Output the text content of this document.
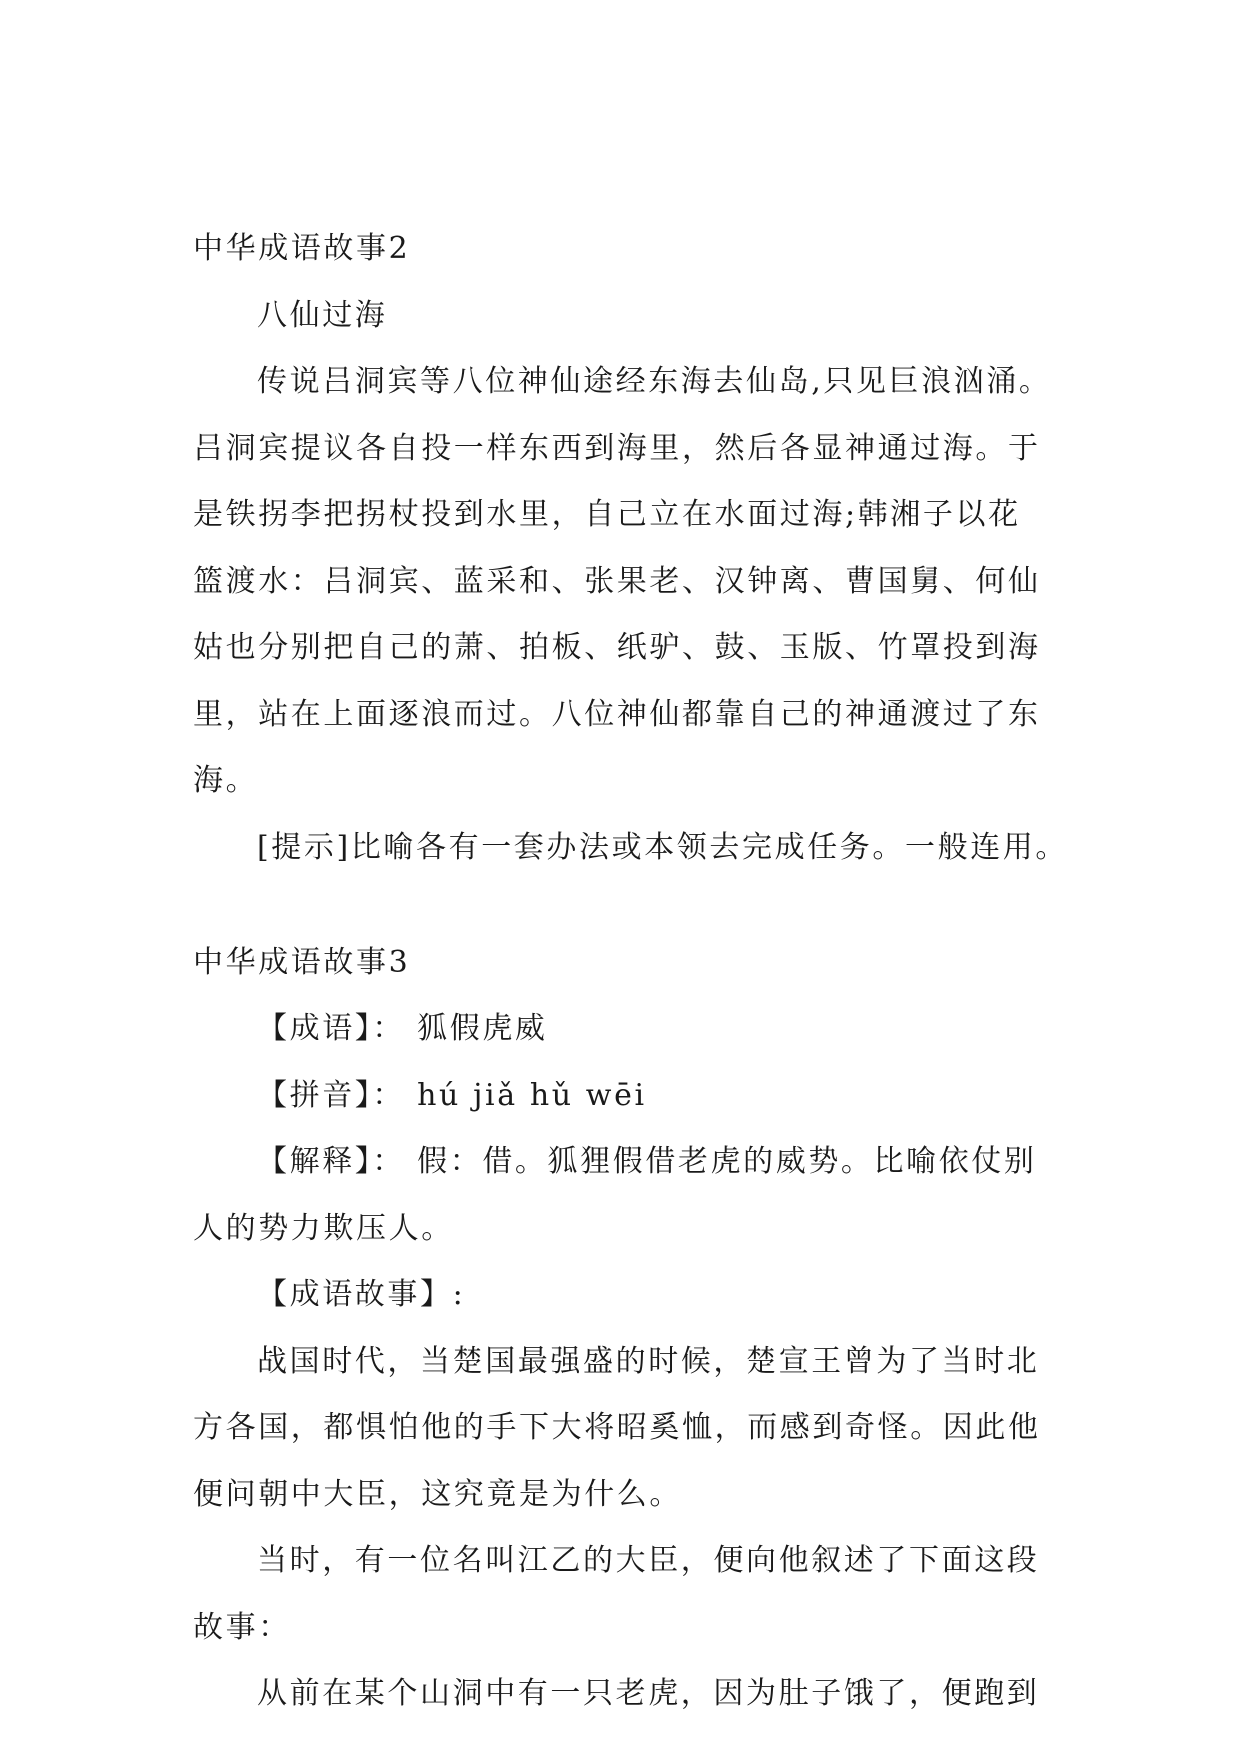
中华成语故事2
八仙过海
传说吕洞宾等八位神仙途经东海去仙岛,只见巨浪汹涌。
吕洞宾提议各自投一样东西到海里，然后各显神通过海。于
是铁拐李把拐杖投到水里，自己立在水面过海;韩湘子以花
篮渡水：吕洞宾、蓝采和、张果老、汉钟离、曹国舅、何仙
姑也分别把自己的萧、拍板、纸驴、鼓、玉版、竹罩投到海
里，站在上面逐浪而过。八位神仙都靠自己的神通渡过了东
海。
[提示]比喻各有一套办法或本领去完成任务。一般连用。
中华成语故事3
【成语】： 狐假虎威
【拼音】： hú jiǎ hǔ wēi
【解释】： 假：借。狐狸假借老虎的威势。比喻依仗别
人的势力欺压人。
【成语故事】:
战国时代，当楚国最强盛的时候，楚宣王曾为了当时北
方各国，都惧怕他的手下大将昭奚恤，而感到奇怪。因此他
便问朝中大臣，这究竟是为什么。
当时，有一位名叫江乙的大臣，便向他叙述了下面这段
故事：
从前在某个山洞中有一只老虎，因为肚子饿了，便跑到
